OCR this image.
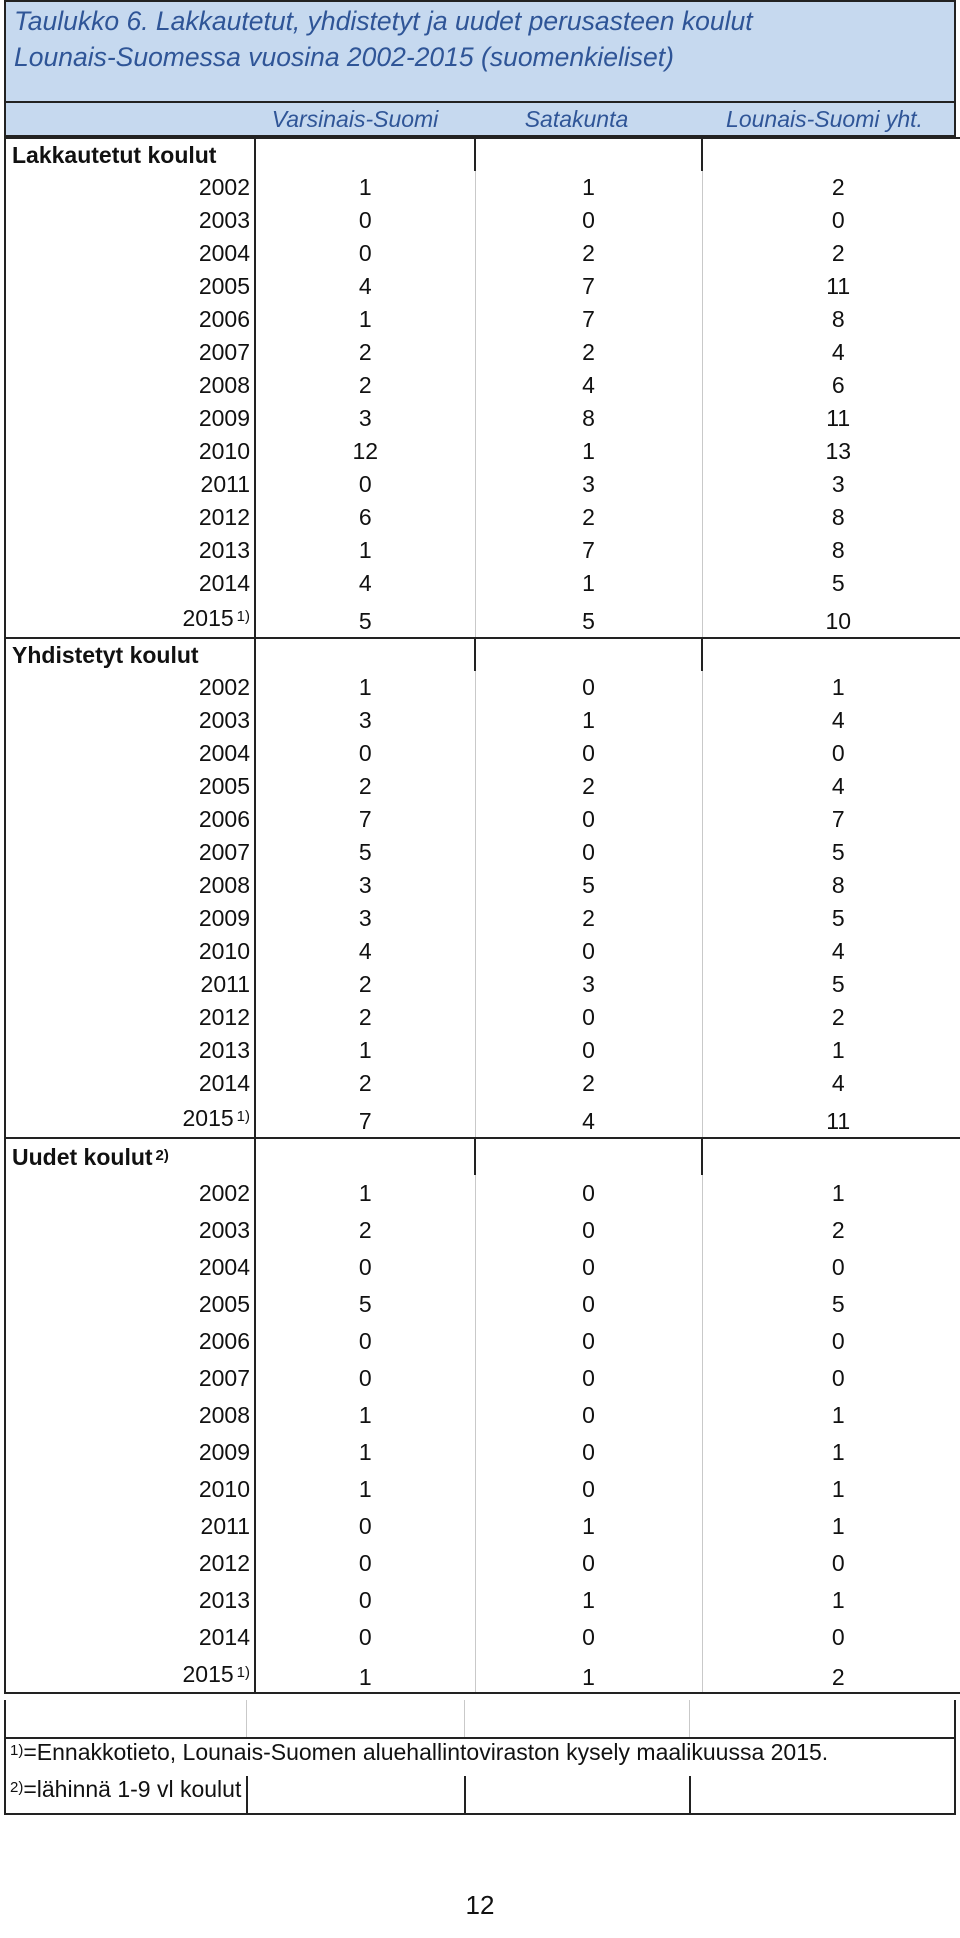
Taulukko 6. Lakkautetut, yhdistetyt ja uudet perusasteen koulut
Lounais-Suomessa vuosina 2002-2015 (suomenkieliset)
Varsinais-Suomi	Satakunta	Lounais-Suomi yht.
Lakkautetut koulut			
2002	1	1	2
2003	0	0	0
2004	0	2	2
2005	4	7	11
2006	1	7	8
2007	2	2	4
2008	2	4	6
2009	3	8	11
2010	12	1	13
2011	0	3	3
2012	6	2	8
2013	1	7	8
2014	4	1	5
2015 $^{1)}$	5	5	10
Yhdistetyt koulut			
2002	1	0	1
2003	3	1	4
2004	0	0	0
2005	2	2	4
2006	7	0	7
2007	5	0	5
2008	3	5	8
2009	3	2	5
2010	4	0	4
2011	2	3	5
2012	2	0	2
2013	1	0	1
2014	2	2	4
2015 $^{1)}$	7	4	11
Uudet koulut $^{2)}$			
2002	1	0	1
2003	2	0	2
2004	0	0	0
2005	5	0	5
2006	0	0	0
2007	0	0	0
2008	1	0	1
2009	1	0	1
2010	1	0	1
2011	0	1	1
2012	0	0	0
2013	0	1	1
2014	0	0	0
2015 $^{1)}$	1	1	2
$^{1)}$=Ennakkotieto, Lounais-Suomen aluehallintoviraston kysely maalikuussa 2015.
$^{2)}$=lähinnä 1-9 vl koulut
12
